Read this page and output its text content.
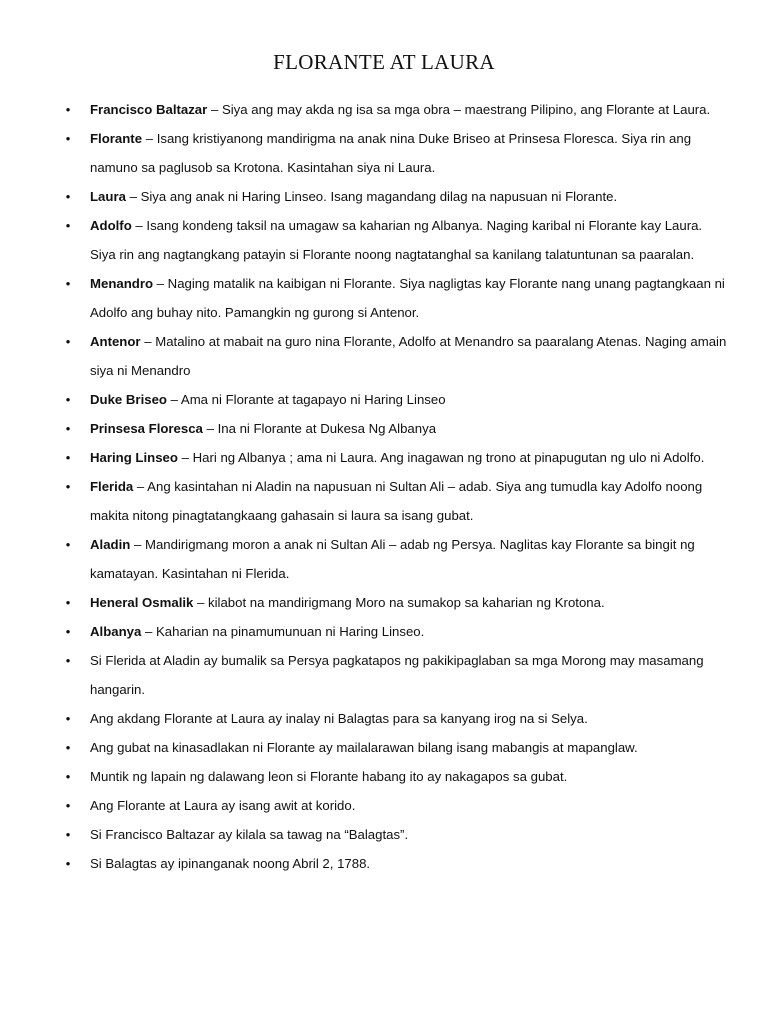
FLORANTE AT LAURA
• Francisco Baltazar – Siya ang may akda ng isa sa mga obra – maestrang Pilipino, ang Florante at Laura.
• Florante – Isang kristiyanong mandirigma na anak nina Duke Briseo at Prinsesa Floresca. Siya rin ang namuno sa paglusob sa Krotona. Kasintahan siya ni Laura.
• Laura – Siya ang anak ni Haring Linseo. Isang magandang dilag na napusuan ni Florante.
• Adolfo – Isang kondeng taksil na umagaw sa kaharian ng Albanya. Naging karibal ni Florante kay Laura. Siya rin ang nagtangkang patayin si Florante noong nagtatanghal sa kanilang talatuntunan sa paaralan.
• Menandro – Naging matalik na kaibigan ni Florante. Siya nagligtas kay Florante nang unang pagtangkaan ni Adolfo ang buhay nito. Pamangkin ng gurong si Antenor.
• Antenor – Matalino at mabait na guro nina Florante, Adolfo at Menandro sa paaralang Atenas. Naging amain siya ni Menandro
• Duke Briseo – Ama ni Florante at tagapayo ni Haring Linseo
• Prinsesa Floresca – Ina ni Florante at Dukesa Ng Albanya
• Haring Linseo – Hari ng Albanya ; ama ni Laura. Ang inagawan ng trono at pinapugutan ng ulo ni Adolfo.
• Flerida – Ang kasintahan ni Aladin na napusuan ni Sultan Ali – adab. Siya ang tumudla kay Adolfo noong makita nitong pinagtatangkaang gahasain si laura sa isang gubat.
• Aladin – Mandirigmang moron a anak ni Sultan Ali – adab ng Persya. Naglitas kay Florante sa bingit ng kamatayan. Kasintahan ni Flerida.
• Heneral Osmalik – kilabot na mandirigmang Moro na sumakop sa kaharian ng Krotona.
• Albanya – Kaharian na pinamumunuan ni Haring Linseo.
• Si Flerida at Aladin ay bumalik sa Persya pagkatapos ng pakikipaglaban sa mga Morong may masamang hangarin.
• Ang akdang Florante at Laura ay inalay ni Balagtas para sa kanyang irog na si Selya.
• Ang gubat na kinasadlakan ni Florante ay mailalarawan bilang isang mabangis at mapanglaw.
• Muntik ng lapain ng dalawang leon si Florante habang ito ay nakagapos sa gubat.
• Ang Florante at Laura ay isang awit at korido.
• Si Francisco Baltazar ay kilala sa tawag na “Balagtas”.
• Si Balagtas ay ipinanganak noong Abril 2, 1788.
